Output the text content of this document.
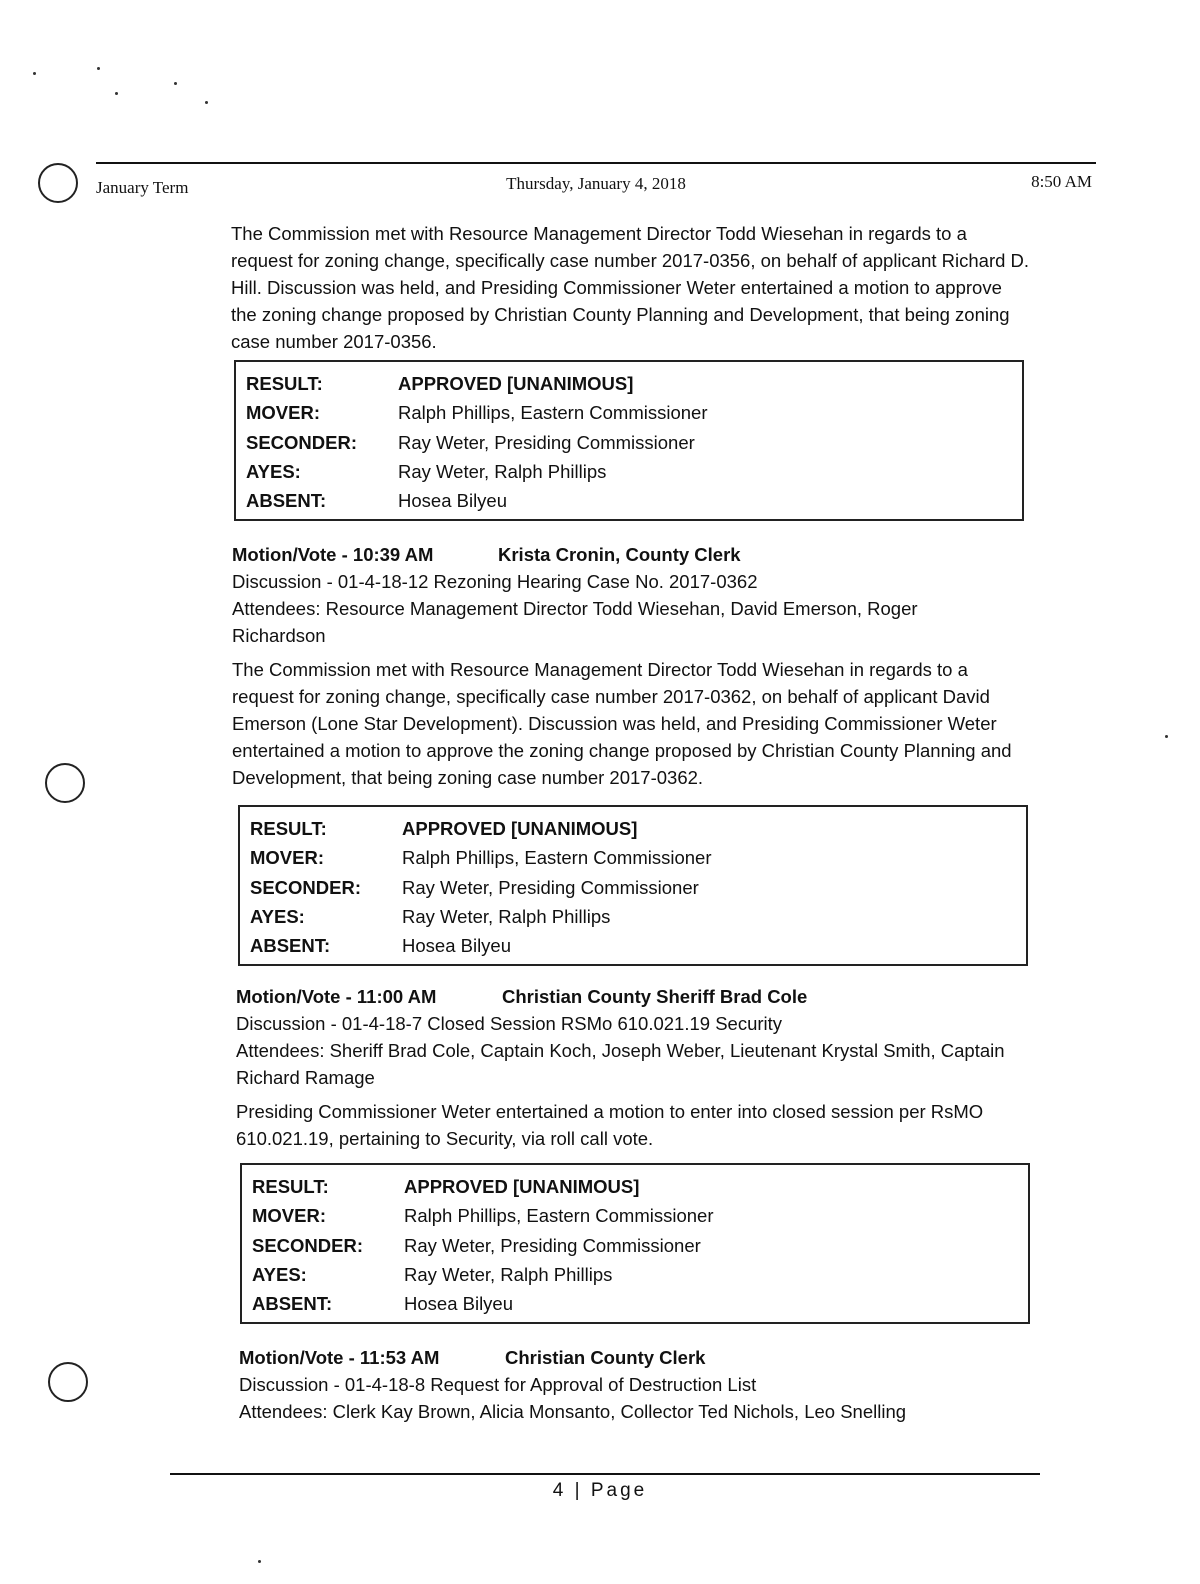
January Term	Thursday, January 4, 2018	8:50 AM

The Commission met with Resource Management Director Todd Wiesehan in regards to a request for zoning change, specifically case number 2017-0356, on behalf of applicant Richard D. Hill. Discussion was held, and Presiding Commissioner Weter entertained a motion to approve the zoning change proposed by Christian County Planning and Development, that being zoning case number 2017-0356.

RESULT:	APPROVED [UNANIMOUS]
MOVER:	Ralph Phillips, Eastern Commissioner
SECONDER:	Ray Weter, Presiding Commissioner
AYES:	Ray Weter, Ralph Phillips
ABSENT:	Hosea Bilyeu
Motion/Vote - 10:39 AM	Krista Cronin, County Clerk
Discussion - 01-4-18-12 Rezoning Hearing Case No. 2017-0362
Attendees: Resource Management Director Todd Wiesehan, David Emerson, Roger Richardson

The Commission met with Resource Management Director Todd Wiesehan in regards to a request for zoning change, specifically case number 2017-0362, on behalf of applicant David Emerson (Lone Star Development). Discussion was held, and Presiding Commissioner Weter entertained a motion to approve the zoning change proposed by Christian County Planning and Development, that being zoning case number 2017-0362.

RESULT:	APPROVED [UNANIMOUS]
MOVER:	Ralph Phillips, Eastern Commissioner
SECONDER:	Ray Weter, Presiding Commissioner
AYES:	Ray Weter, Ralph Phillips
ABSENT:	Hosea Bilyeu
Motion/Vote - 11:00 AM	Christian County Sheriff Brad Cole
Discussion - 01-4-18-7 Closed Session RSMo 610.021.19 Security
Attendees: Sheriff Brad Cole, Captain Koch, Joseph Weber, Lieutenant Krystal Smith, Captain Richard Ramage

Presiding Commissioner Weter entertained a motion to enter into closed session per RsMO 610.021.19, pertaining to Security, via roll call vote.

RESULT:	APPROVED [UNANIMOUS]
MOVER:	Ralph Phillips, Eastern Commissioner
SECONDER:	Ray Weter, Presiding Commissioner
AYES:	Ray Weter, Ralph Phillips
ABSENT:	Hosea Bilyeu
Motion/Vote - 11:53 AM	Christian County Clerk
Discussion - 01-4-18-8 Request for Approval of Destruction List
Attendees: Clerk Kay Brown, Alicia Monsanto, Collector Ted Nichols, Leo Snelling
4 | Page
